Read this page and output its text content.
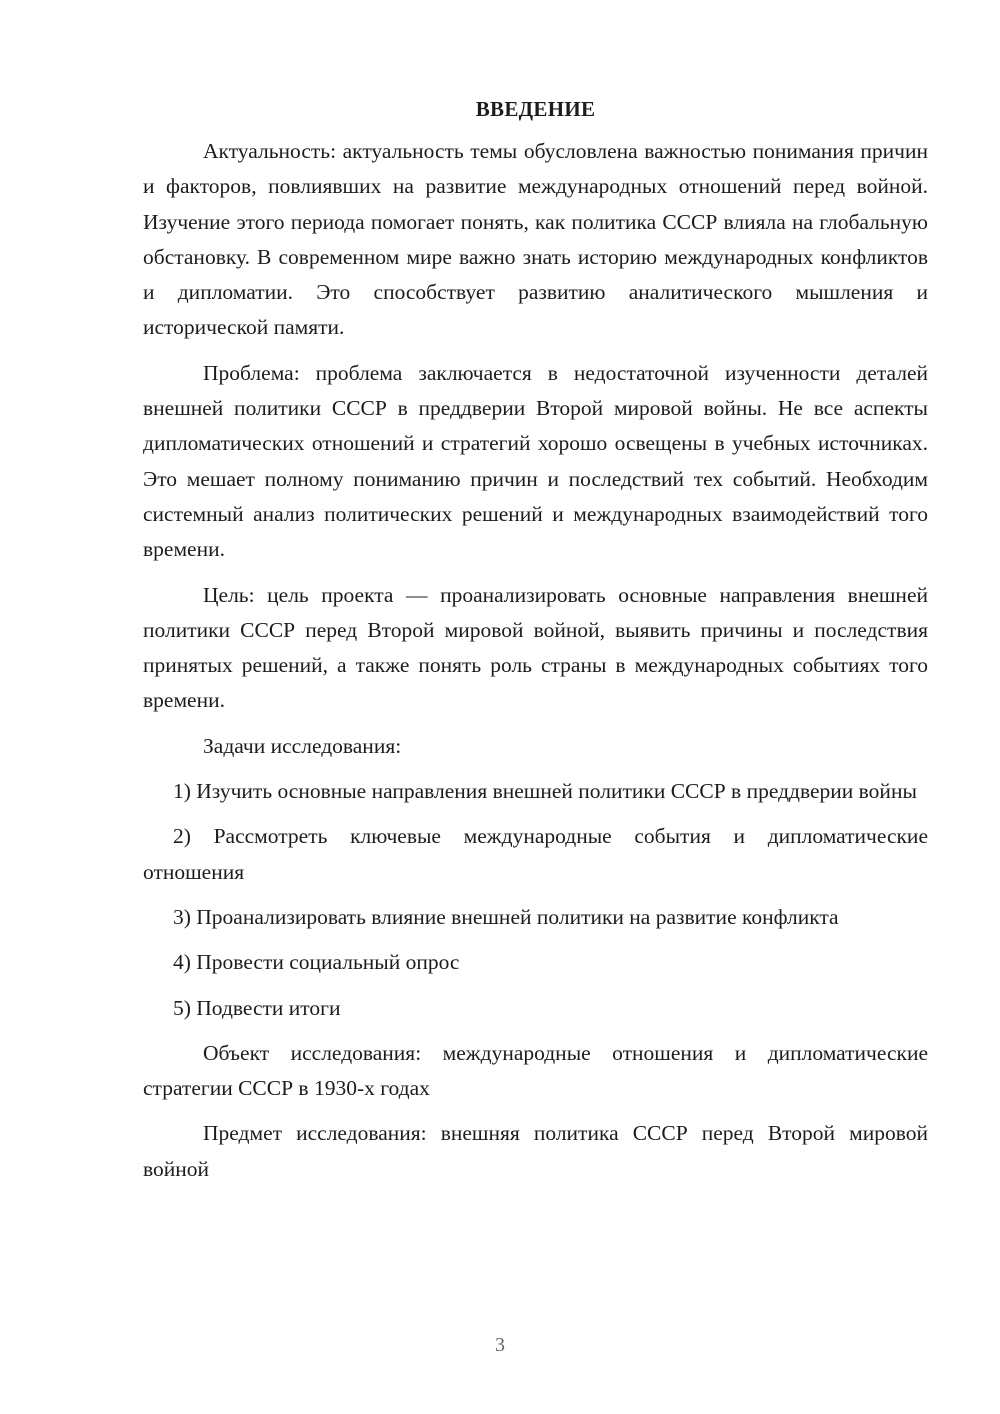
ВВЕДЕНИЕ

Актуальность: актуальность темы обусловлена важностью понимания причин и факторов, повлиявших на развитие международных отношений перед войной. Изучение этого периода помогает понять, как политика СССР влияла на глобальную обстановку. В современном мире важно знать историю международных конфликтов и дипломатии. Это способствует развитию аналитического мышления и исторической памяти.

Проблема: проблема заключается в недостаточной изученности деталей внешней политики СССР в преддверии Второй мировой войны. Не все аспекты дипломатических отношений и стратегий хорошо освещены в учебных источниках. Это мешает полному пониманию причин и последствий тех событий. Необходим системный анализ политических решений и международных взаимодействий того времени.

Цель: цель проекта — проанализировать основные направления внешней политики СССР перед Второй мировой войной, выявить причины и последствия принятых решений, а также понять роль страны в международных событиях того времени.

Задачи исследования:

1) Изучить основные направления внешней политики СССР в преддверии войны

2) Рассмотреть ключевые международные события и дипломатические отношения

3) Проанализировать влияние внешней политики на развитие конфликта

4) Провести социальный опрос

5) Подвести итоги

Объект исследования: международные отношения и дипломатические стратегии СССР в 1930-х годах

Предмет исследования: внешняя политика СССР перед Второй мировой войной

3
